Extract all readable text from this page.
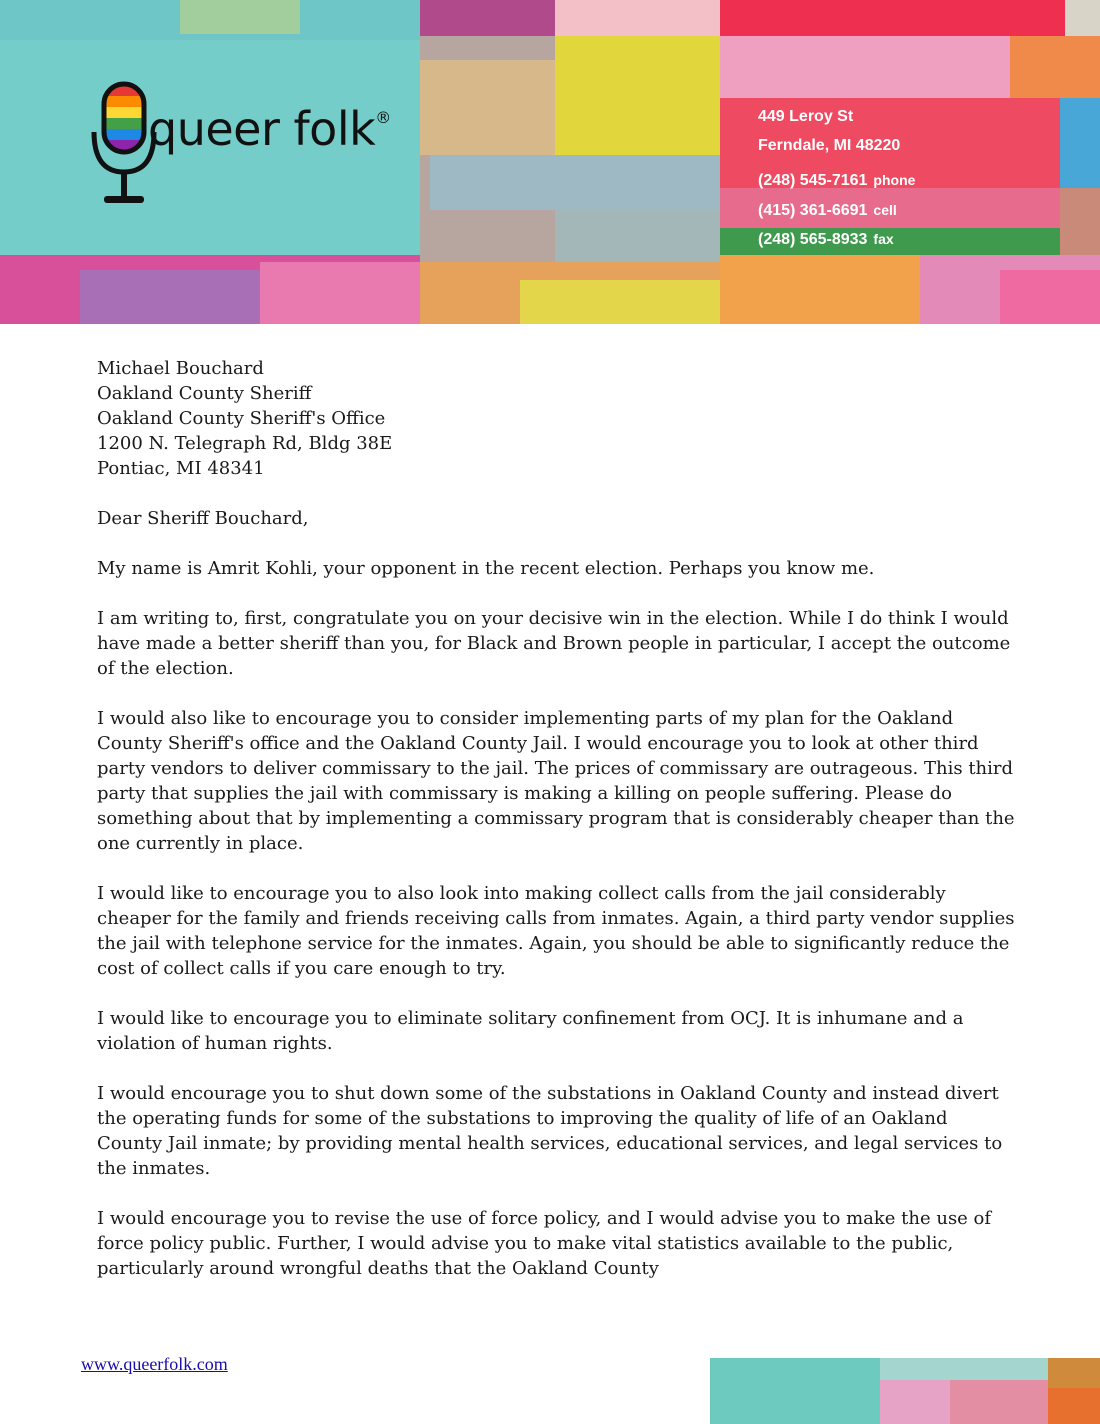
queer folk®	449 Leroy St
Ferndale, MI 48220
(248) 545-7161 phone
(415) 361-6691 cell
(248) 565-8933 fax

Michael Bouchard
Oakland County Sheriff
Oakland County Sheriff's Office
1200 N. Telegraph Rd, Bldg 38E
Pontiac, MI 48341

Dear Sheriff Bouchard,

My name is Amrit Kohli, your opponent in the recent election. Perhaps you know me.

I am writing to, first, congratulate you on your decisive win in the election. While I do think I would have made a better sheriff than you, for Black and Brown people in particular, I accept the outcome of the election.

I would also like to encourage you to consider implementing parts of my plan for the Oakland County Sheriff's office and the Oakland County Jail. I would encourage you to look at other third party vendors to deliver commissary to the jail. The prices of commissary are outrageous. This third party that supplies the jail with commissary is making a killing on people suffering. Please do something about that by implementing a commissary program that is considerably cheaper than the one currently in place.

I would like to encourage you to also look into making collect calls from the jail considerably cheaper for the family and friends receiving calls from inmates. Again, a third party vendor supplies the jail with telephone service for the inmates. Again, you should be able to significantly reduce the cost of collect calls if you care enough to try.

I would like to encourage you to eliminate solitary confinement from OCJ. It is inhumane and a violation of human rights.

I would encourage you to shut down some of the substations in Oakland County and instead divert the operating funds for some of the substations to improving the quality of life of an Oakland County Jail inmate; by providing mental health services, educational services, and legal services to the inmates.

I would encourage you to revise the use of force policy, and I would advise you to make the use of force policy public. Further, I would advise you to make vital statistics available to the public, particularly around wrongful deaths that the Oakland County

www.queerfolk.com
